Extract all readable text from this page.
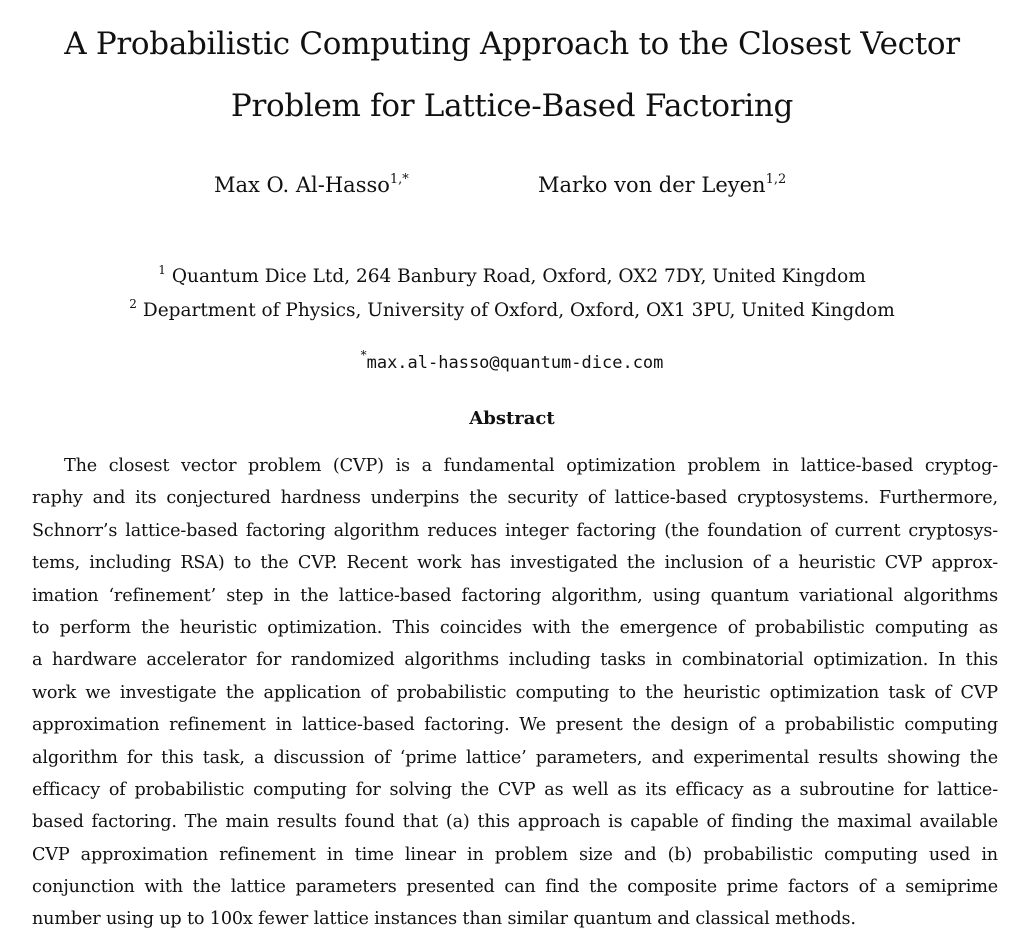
A Probabilistic Computing Approach to the Closest Vector
Problem for Lattice-Based Factoring
Max O. Al-Hasso$^{1,*}$	Marko von der Leyen$^{1,2}$
$^1$ Quantum Dice Ltd, 264 Banbury Road, Oxford, OX2 7DY, United Kingdom
$^2$ Department of Physics, University of Oxford, Oxford, OX1 3PU, United Kingdom
*max.al-hasso@quantum-dice.com
Abstract
The closest vector problem (CVP) is a fundamental optimization problem in lattice-based cryptog-
raphy and its conjectured hardness underpins the security of lattice-based cryptosystems. Furthermore,
Schnorr’s lattice-based factoring algorithm reduces integer factoring (the foundation of current cryptosys-
tems, including RSA) to the CVP. Recent work has investigated the inclusion of a heuristic CVP approx-
imation ‘refinement’ step in the lattice-based factoring algorithm, using quantum variational algorithms
to perform the heuristic optimization. This coincides with the emergence of probabilistic computing as
a hardware accelerator for randomized algorithms including tasks in combinatorial optimization. In this
work we investigate the application of probabilistic computing to the heuristic optimization task of CVP
approximation refinement in lattice-based factoring. We present the design of a probabilistic computing
algorithm for this task, a discussion of ‘prime lattice’ parameters, and experimental results showing the
efficacy of probabilistic computing for solving the CVP as well as its efficacy as a subroutine for lattice-
based factoring. The main results found that (a) this approach is capable of finding the maximal available
CVP approximation refinement in time linear in problem size and (b) probabilistic computing used in
conjunction with the lattice parameters presented can find the composite prime factors of a semiprime
number using up to 100x fewer lattice instances than similar quantum and classical methods.
